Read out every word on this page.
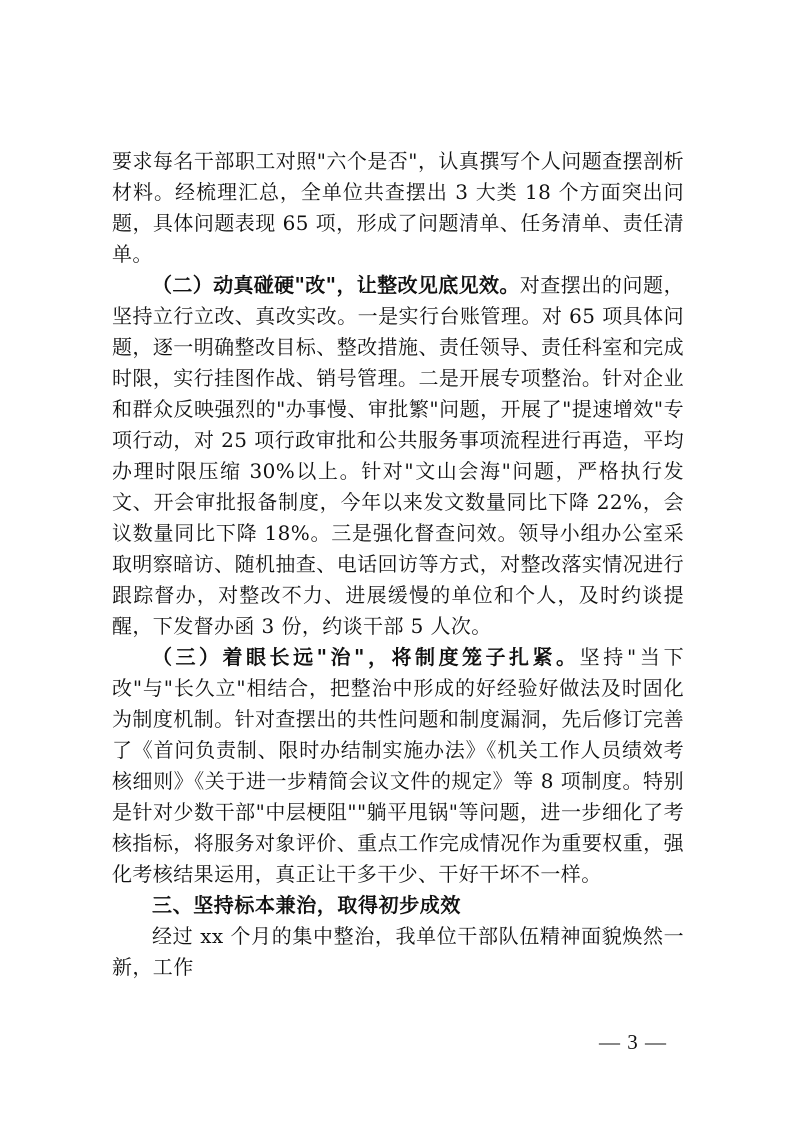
要求每名干部职工对照"六个是否"，认真撰写个人问题查摆剖析材料。经梳理汇总，全单位共查摆出 3 大类 18 个方面突出问题，具体问题表现 65 项，形成了问题清单、任务清单、责任清单。

（二）动真碰硬"改"，让整改见底见效。对查摆出的问题，坚持立行立改、真改实改。一是实行台账管理。对 65 项具体问题，逐一明确整改目标、整改措施、责任领导、责任科室和完成时限，实行挂图作战、销号管理。二是开展专项整治。针对企业和群众反映强烈的"办事慢、审批繁"问题，开展了"提速增效"专项行动，对 25 项行政审批和公共服务事项流程进行再造，平均办理时限压缩 30%以上。针对"文山会海"问题，严格执行发文、开会审批报备制度，今年以来发文数量同比下降 22%，会议数量同比下降 18%。三是强化督查问效。领导小组办公室采取明察暗访、随机抽查、电话回访等方式，对整改落实情况进行跟踪督办，对整改不力、进展缓慢的单位和个人，及时约谈提醒，下发督办函 3 份，约谈干部 5 人次。

（三）着眼长远"治"，将制度笼子扎紧。坚持"当下改"与"长久立"相结合，把整治中形成的好经验好做法及时固化为制度机制。针对查摆出的共性问题和制度漏洞，先后修订完善了《首问负责制、限时办结制实施办法》《机关工作人员绩效考核细则》《关于进一步精简会议文件的规定》等 8 项制度。特别是针对少数干部"中层梗阻""躺平甩锅"等问题，进一步细化了考核指标，将服务对象评价、重点工作完成情况作为重要权重，强化考核结果运用，真正让干多干少、干好干坏不一样。

三、坚持标本兼治，取得初步成效

经过 xx 个月的集中整治，我单位干部队伍精神面貌焕然一新，工作

— 3 —
